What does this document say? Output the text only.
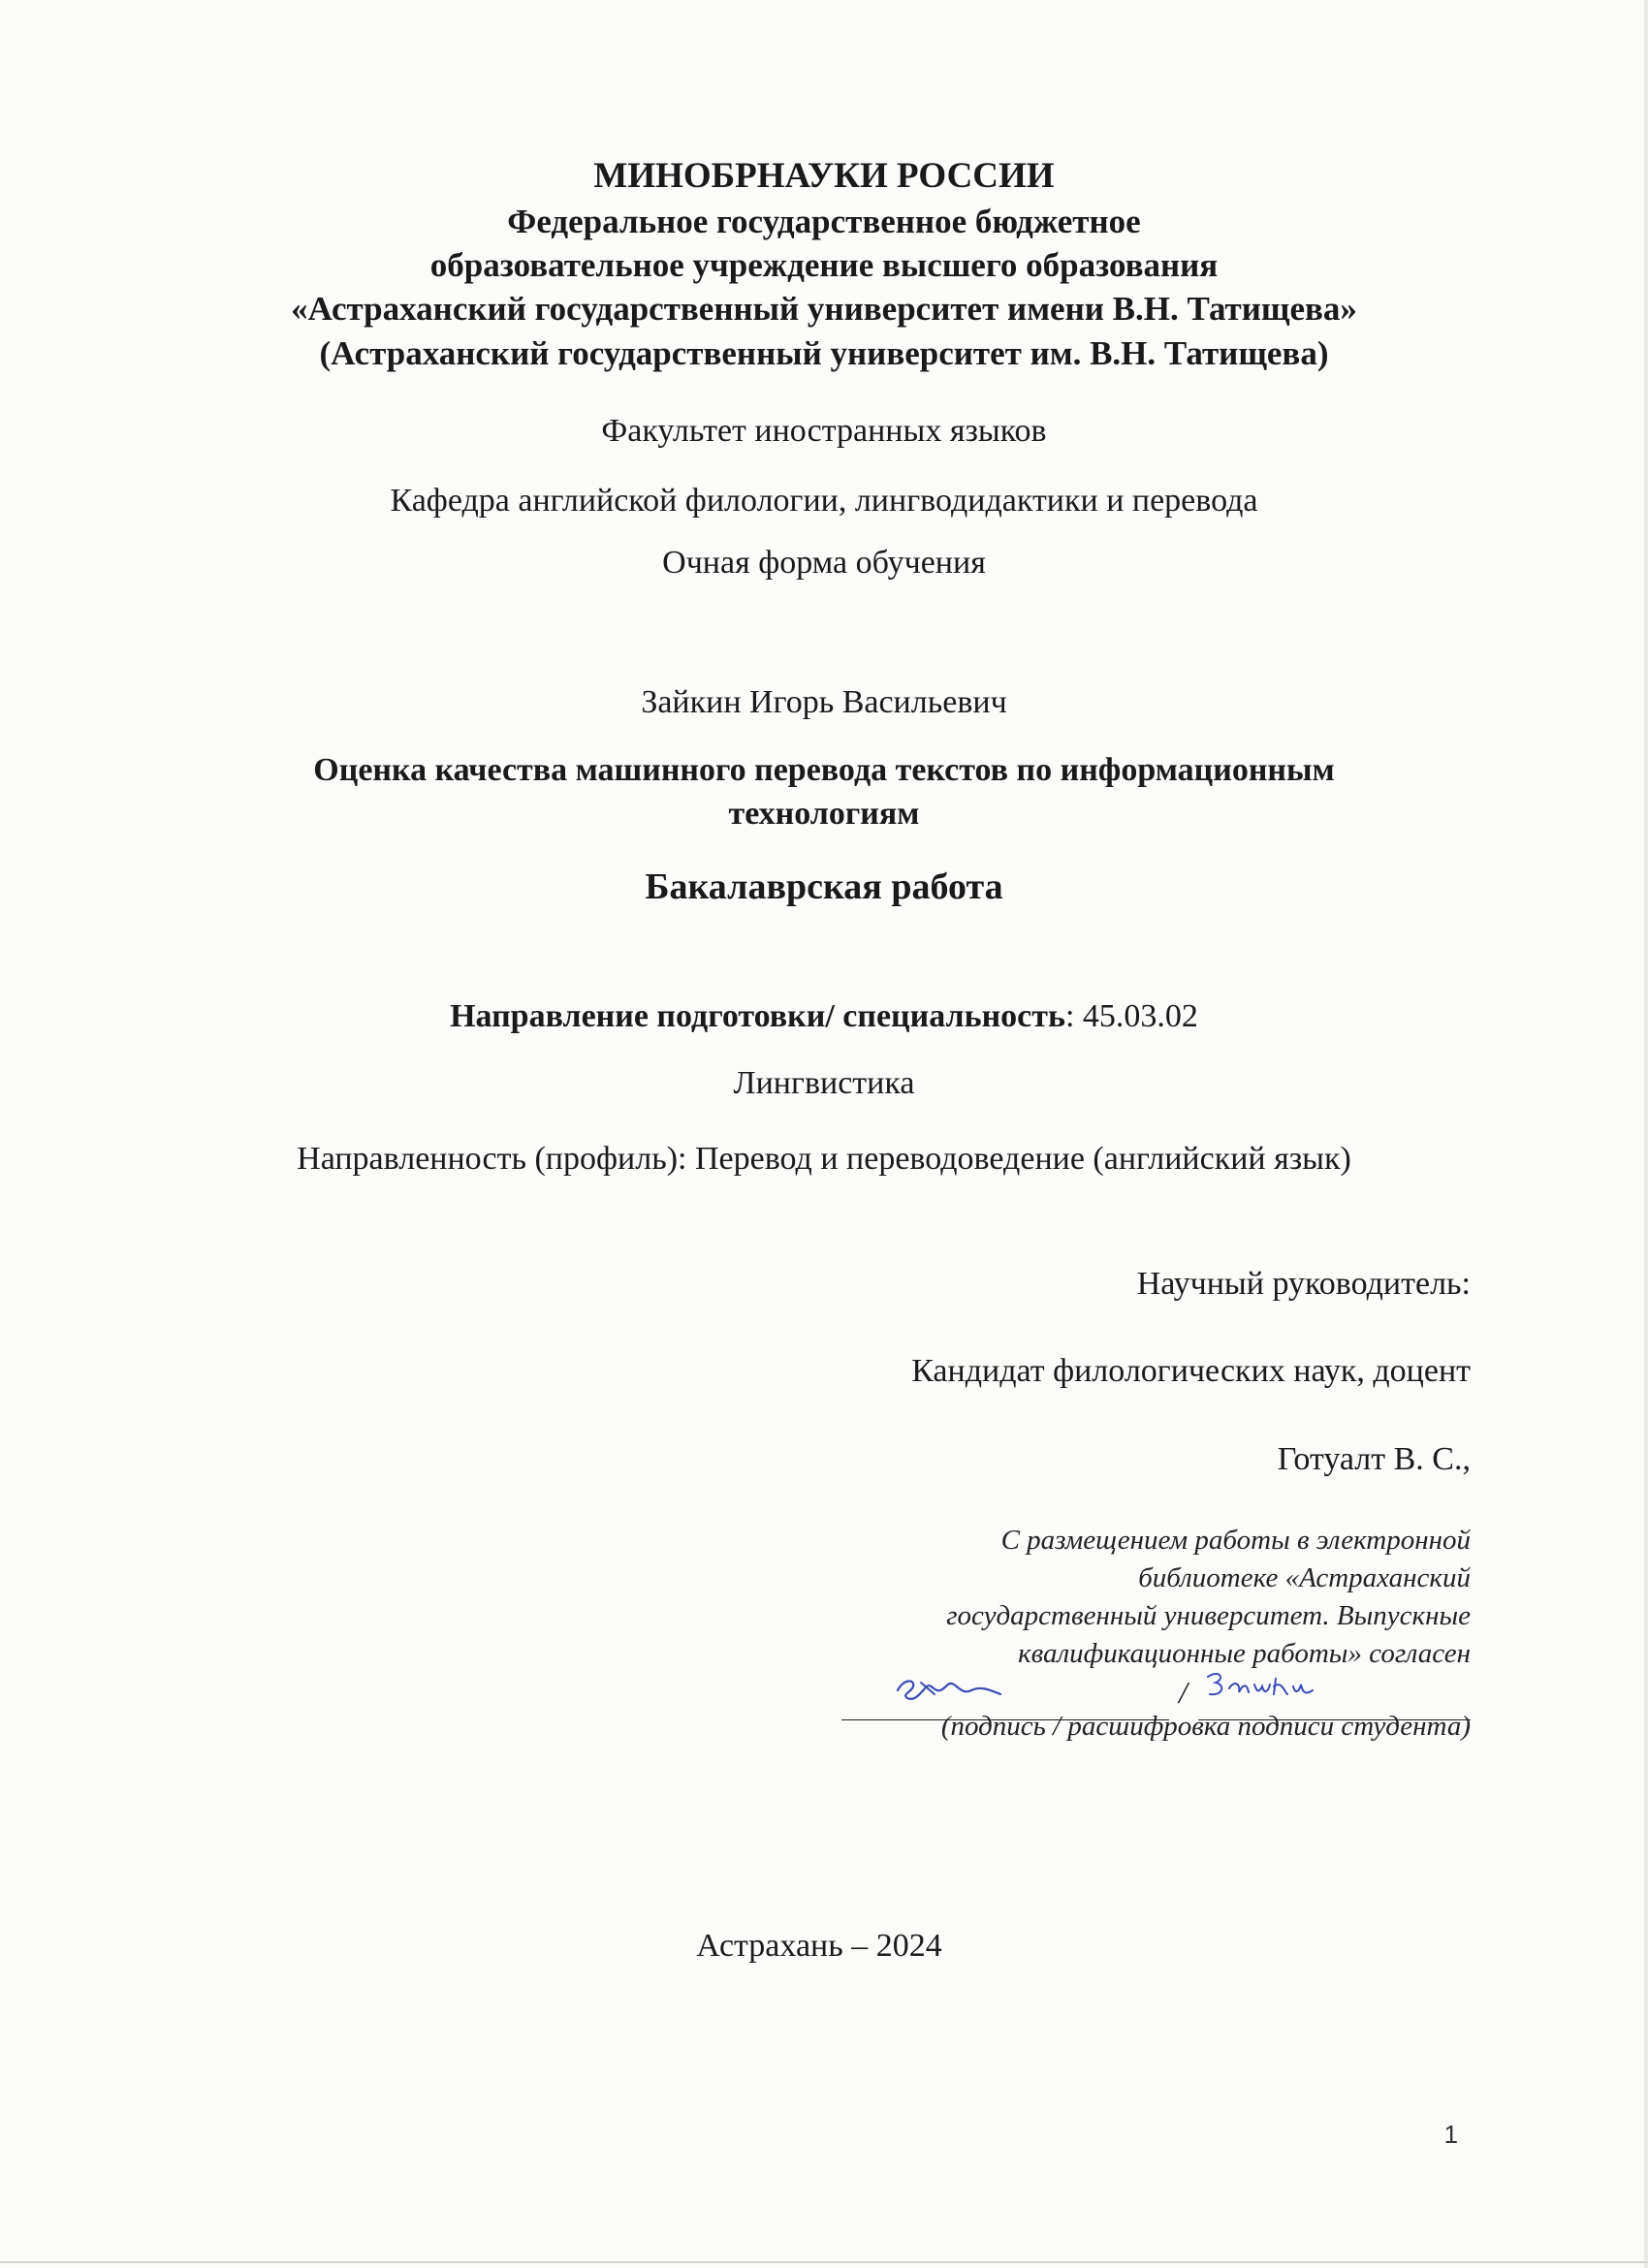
МИНОБРНАУКИ РОССИИ
Федеральное государственное бюджетное
образовательное учреждение высшего образования
«Астраханский государственный университет имени В.Н. Татищева»
(Астраханский государственный университет им. В.Н. Татищева)
Факультет иностранных языков
Кафедра английской филологии, лингводидактики и перевода
Очная форма обучения
Зайкин Игорь Васильевич
Оценка качества машинного перевода текстов по информационным
технологиям
Бакалаврская работа
Направление подготовки/ специальность: 45.03.02
Лингвистика
Направленность (профиль): Перевод и переводоведение (английский язык)
Научный руководитель:
Кандидат филологических наук, доцент
Готуалт В. С.,
С размещением работы в электронной
библиотеке «Астраханский
государственный университет. Выпускные
квалификационные работы» согласен
/
(подпись / расшифровка подписи студента)
Астрахань – 2024
1
